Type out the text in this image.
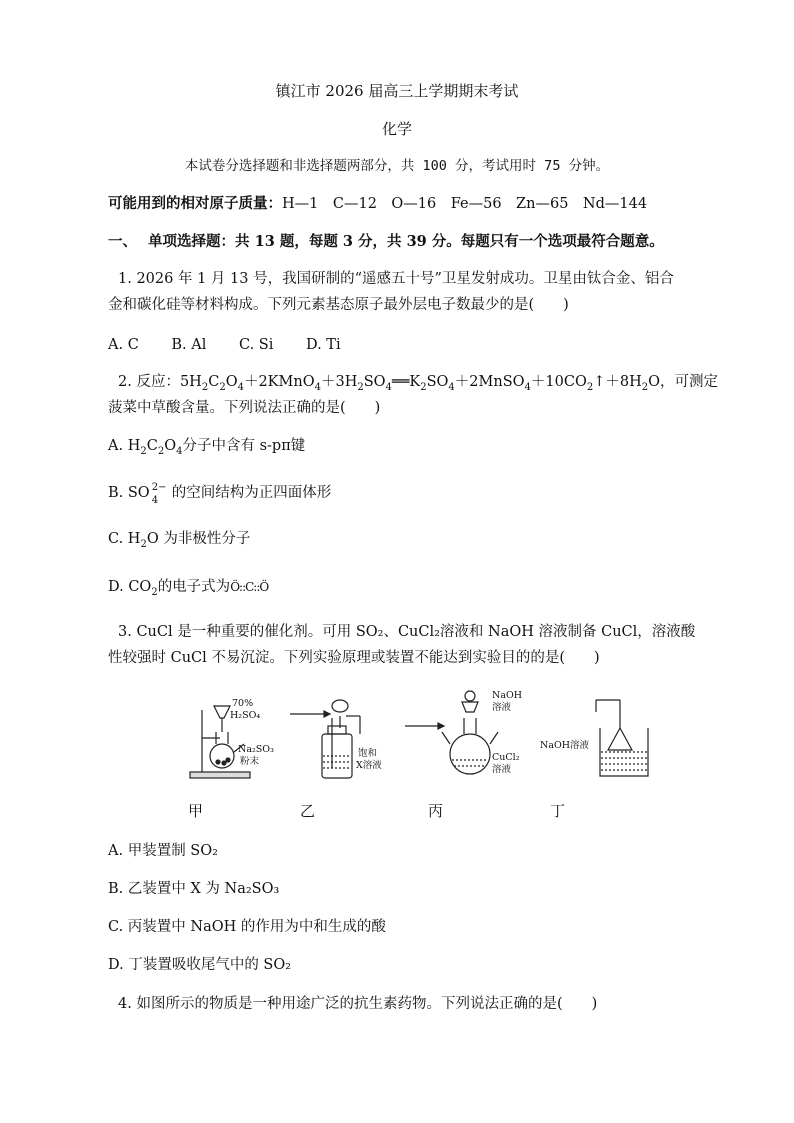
镇江市 2026 届高三上学期期末考试
化学
本试卷分选择题和非选择题两部分，共 100 分，考试用时 75 分钟。
可能用到的相对原子质量：H—1　C—12　O—16　Fe—56　Zn—65　Nd—144
一、 单项选择题：共 13 题，每题 3 分，共 39 分。每题只有一个选项最符合题意。
1. 2026 年 1 月 13 号，我国研制的“遥感五十号”卫星发射成功。卫星由钛合金、铝合
金和碳化硅等材料构成。下列元素基态原子最外层电子数最少的是(　　)
A. C B. Al C. Si D. Ti
2. 反应：$5H_2C_2O_4+2KMnO_4+3H_2SO_4══K_2SO_4+2MnSO_4+10CO_2↑+8H_2O$，可测定
菠菜中草酸含量。下列说法正确的是(　　)
A. $H_2C_2O_4$分子中含有 s-pπ键
B. SO 2−
4 的空间结构为正四面体形
C. $H_2O$ 为非极性分子
D. $CO_2$的电子式为Ö::C::Ö
3. CuCl 是一种重要的催化剂。可用 SO₂、CuCl₂溶液和 NaOH 溶液制备 CuCl，溶液酸
性较强时 CuCl 不易沉淀。下列实验原理或装置不能达到实验目的的是(　　)
70%
H₂SO₄
Na₂SO₃
粉末
饱和
X溶液
NaOH
溶液
CuCl₂
溶液
NaOH溶液
甲	乙	丙	丁
A. 甲装置制 SO₂
B. 乙装置中 X 为 Na₂SO₃
C. 丙装置中 NaOH 的作用为中和生成的酸
D. 丁装置吸收尾气中的 SO₂
4. 如图所示的物质是一种用途广泛的抗生素药物。下列说法正确的是(　　)
